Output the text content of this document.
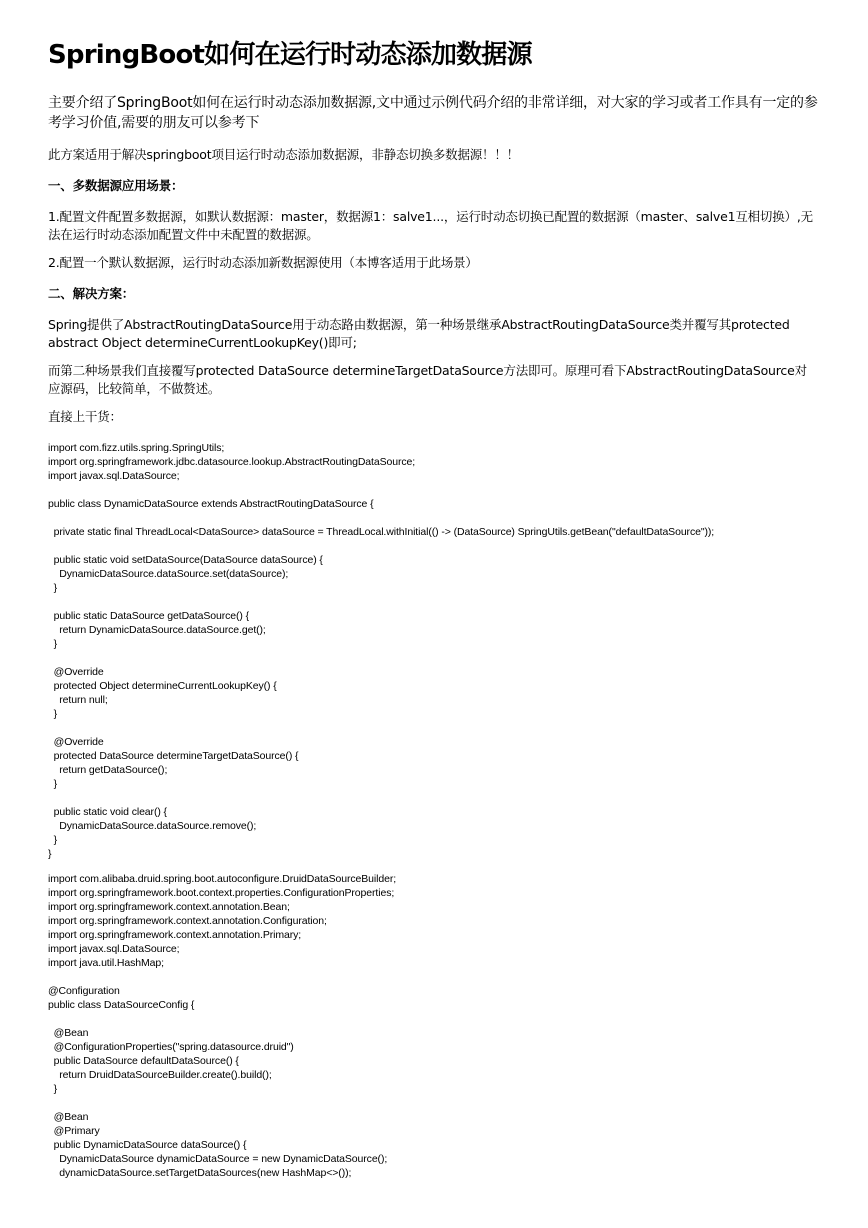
SpringBoot如何在运行时动态添加数据源

主要介绍了SpringBoot如何在运行时动态添加数据源,文中通过示例代码介绍的非常详细，对大家的学习或者工作具有一定的参考学习价值,需要的朋友可以参考下

此方案适用于解决springboot项目运行时动态添加数据源，非静态切换多数据源！！！

一、多数据源应用场景：

1.配置文件配置多数据源，如默认数据源：master，数据源1：salve1...，运行时动态切换已配置的数据源（master、salve1互相切换）,无法在运行时动态添加配置文件中未配置的数据源。

2.配置一个默认数据源，运行时动态添加新数据源使用（本博客适用于此场景）

二、解决方案：

Spring提供了AbstractRoutingDataSource用于动态路由数据源，第一种场景继承AbstractRoutingDataSource类并覆写其protected abstract Object determineCurrentLookupKey()即可;

而第二种场景我们直接覆写protected DataSource determineTargetDataSource方法即可。原理可看下AbstractRoutingDataSource对应源码，比较简单，不做赘述。

直接上干货：

import com.fizz.utils.spring.SpringUtils;
import org.springframework.jdbc.datasource.lookup.AbstractRoutingDataSource;
import javax.sql.DataSource;

public class DynamicDataSource extends AbstractRoutingDataSource {

private static final ThreadLocal<DataSource> dataSource = ThreadLocal.withInitial(() -> (DataSource) SpringUtils.getBean("defaultDataSource"));

public static void setDataSource(DataSource dataSource) {
DynamicDataSource.dataSource.set(dataSource);
}

public static DataSource getDataSource() {
return DynamicDataSource.dataSource.get();
}

@Override
protected Object determineCurrentLookupKey() {
return null;
}

@Override
protected DataSource determineTargetDataSource() {
return getDataSource();
}

public static void clear() {
DynamicDataSource.dataSource.remove();
}
}
import com.alibaba.druid.spring.boot.autoconfigure.DruidDataSourceBuilder;
import org.springframework.boot.context.properties.ConfigurationProperties;
import org.springframework.context.annotation.Bean;
import org.springframework.context.annotation.Configuration;
import org.springframework.context.annotation.Primary;
import javax.sql.DataSource;
import java.util.HashMap;

@Configuration
public class DataSourceConfig {

@Bean
@ConfigurationProperties("spring.datasource.druid")
public DataSource defaultDataSource() {
return DruidDataSourceBuilder.create().build();
}

@Bean
@Primary
public DynamicDataSource dataSource() {
DynamicDataSource dynamicDataSource = new DynamicDataSource();
dynamicDataSource.setTargetDataSources(new HashMap<>());
